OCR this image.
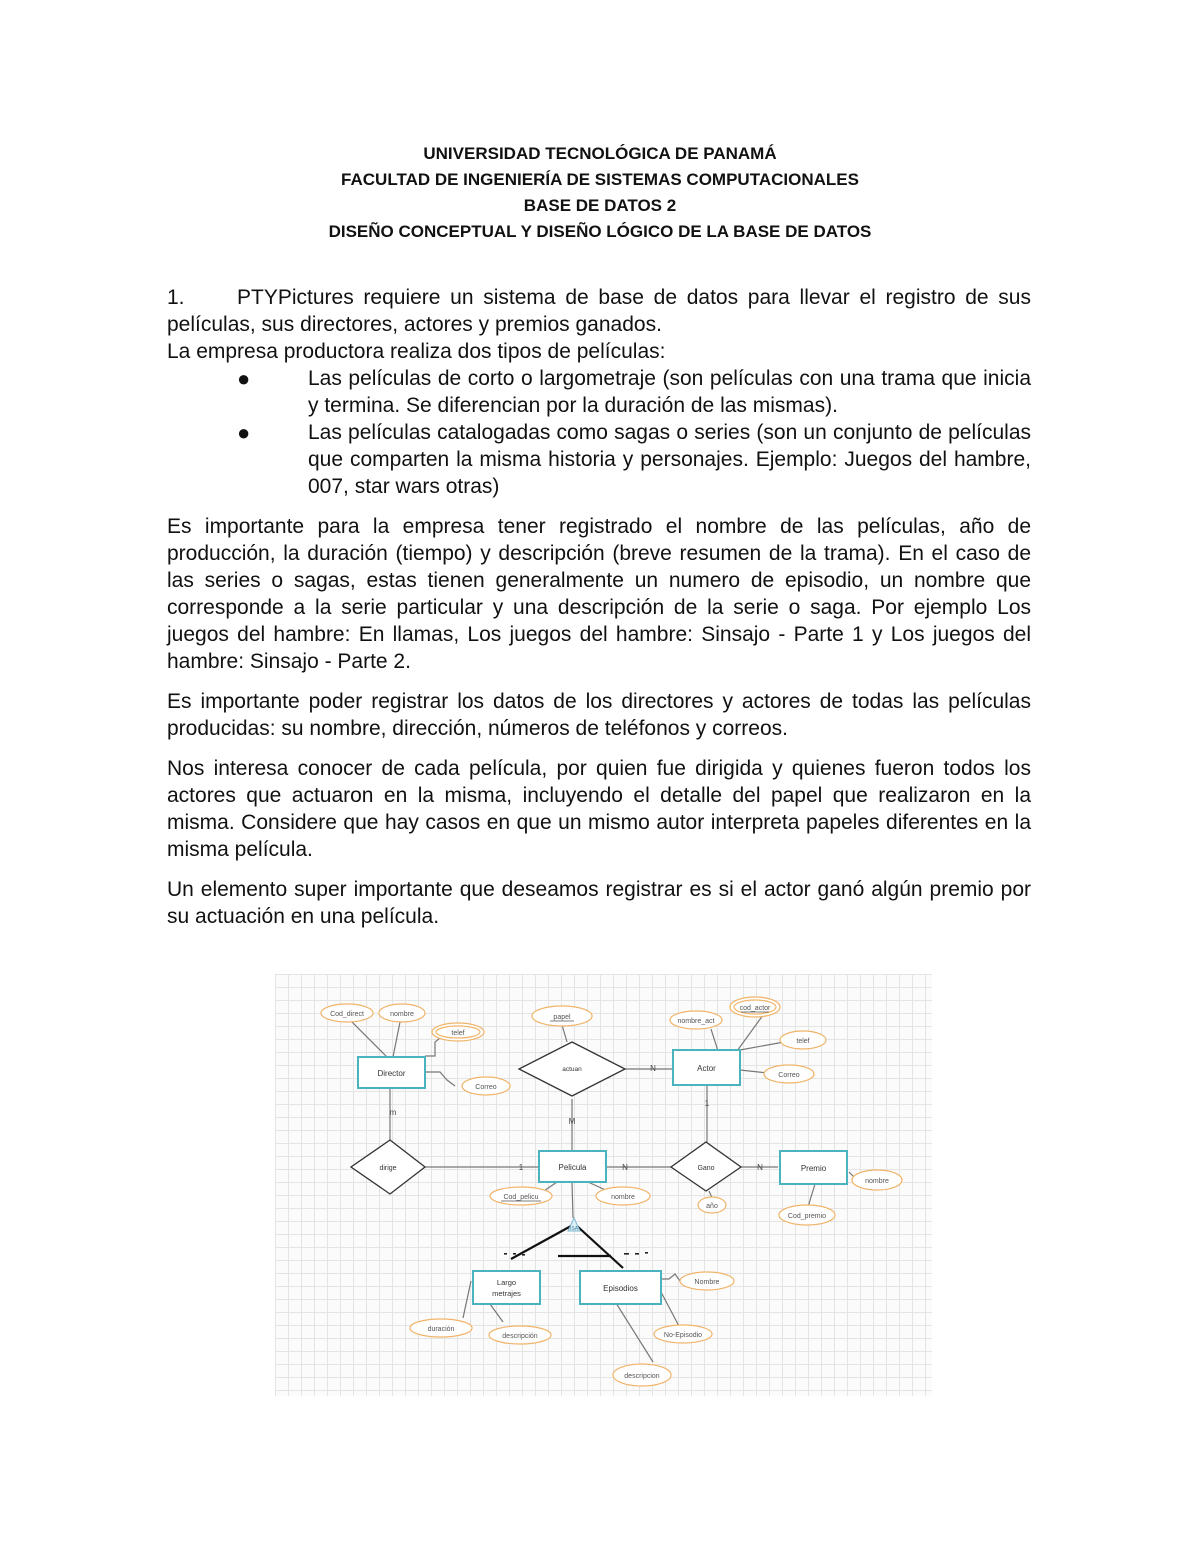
UNIVERSIDAD TECNOLÓGICA DE PANAMÁ
FACULTAD DE INGENIERÍA DE SISTEMAS COMPUTACIONALES
BASE DE DATOS 2
DISEÑO CONCEPTUAL Y DISEÑO LÓGICO DE LA BASE DE DATOS

1. PTYPictures requiere un sistema de base de datos para llevar el registro de sus películas, sus directores, actores y premios ganados.

La empresa productora realiza dos tipos de películas:

●	Las películas de corto o largometraje (son películas con una trama que inicia y termina. Se diferencian por la duración de las mismas).
●	Las películas catalogadas como sagas o series (son un conjunto de películas que comparten la misma historia y personajes. Ejemplo: Juegos del hambre, 007, star wars otras)

Es importante para la empresa tener registrado el nombre de las películas, año de producción, la duración (tiempo) y descripción (breve resumen de la trama). En el caso de las series o sagas, estas tienen generalmente un numero de episodio, un nombre que corresponde a la serie particular y una descripción de la serie o saga. Por ejemplo Los juegos del hambre: En llamas, Los juegos del hambre: Sinsajo - Parte 1 y Los juegos del hambre: Sinsajo - Parte 2.

Es importante poder registrar los datos de los directores y actores de todas las películas producidas: su nombre, dirección, números de teléfonos y correos.

Nos interesa conocer de cada película, por quien fue dirigida y quienes fueron todos los actores que actuaron en la misma, incluyendo el detalle del papel que realizaron en la misma. Considere que hay casos en que un mismo autor interpreta papeles diferentes en la misma película.

Un elemento super importante que deseamos registrar es si el actor ganó algún premio por su actuación en una película.

Director
Actor
Pelicula	Premio
Largo
metrajes
Episodios
actuan
dirige	Gano
ISA
Cod_direct	nombre
telef
Correo
papel
nombre_act
cod_actor
telef
Correo
Cod_pelicu	nombre
año
nombre
Cod_premio
Nombre
No-Episodio
descripcion
duración
descripción
m
1
M
N
1
N	N
